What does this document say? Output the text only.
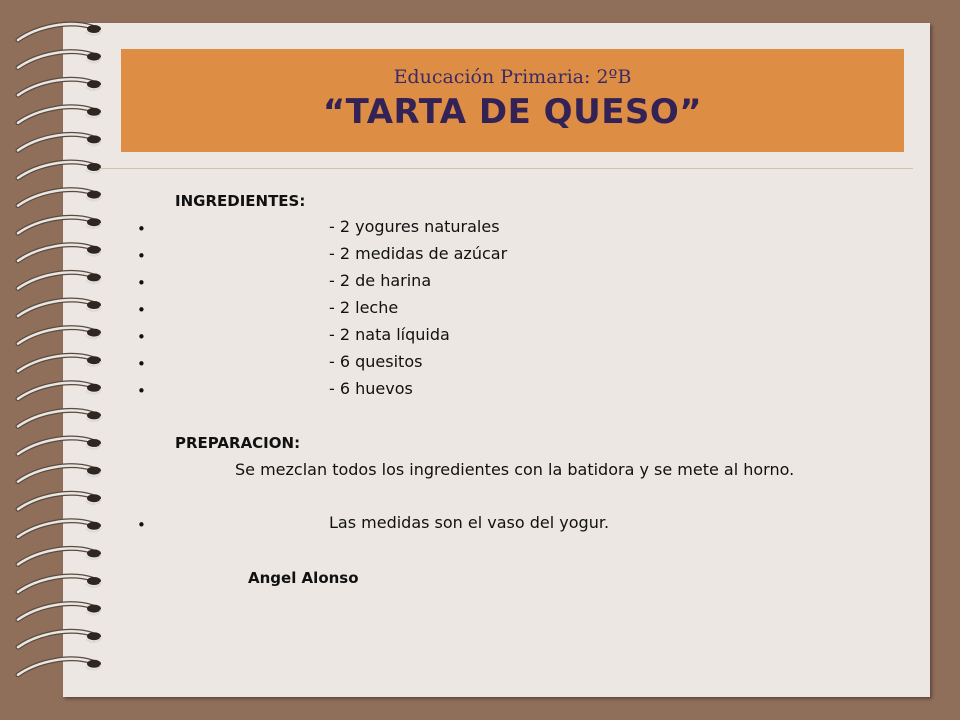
Educación Primaria: 2ºB
“TARTA DE QUESO”
INGREDIENTES:
•	- 2 yogures naturales
•	- 2 medidas de azúcar
•	- 2 de harina
•	- 2 leche
•	- 2 nata líquida
•	- 6 quesitos
•	- 6 huevos
PREPARACION:
Se mezclan todos los ingredientes con la batidora y se mete al horno.
•	Las medidas son el vaso del yogur.
Angel Alonso
